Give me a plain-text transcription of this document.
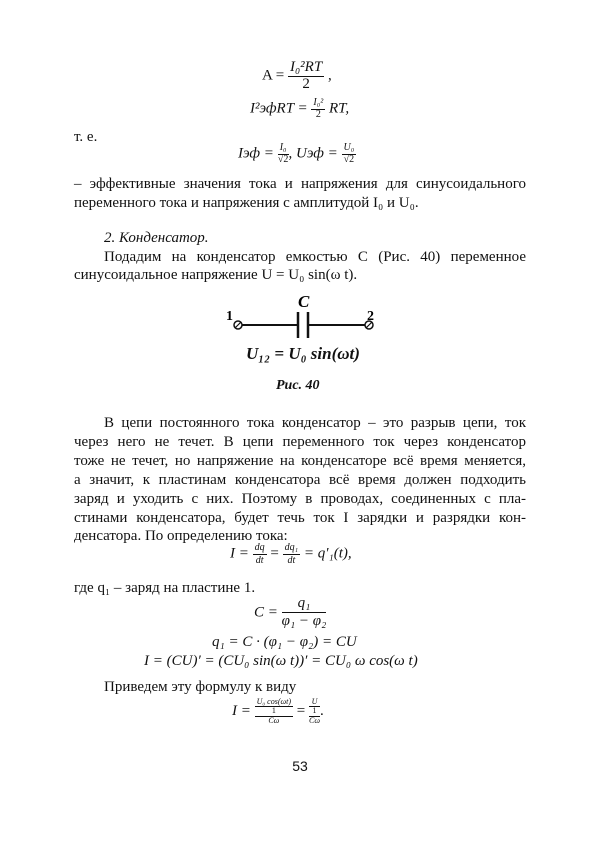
$A = \frac{\text{I₀²RT}}{2}$ ,
I²эфRT = $\frac{\text{I₀²}}{2}$ RT,
т. е.
Iэф = $\frac{\text{I₀}}{√2}$ , Uэф = $\frac{\text{U₀}}{√2}$
– эффективные значения тока и напряжения для синусоидального
переменного тока и напряжения с амплитудой I₀ и U₀.
2. Конденсатор.
Подадим на конденсатор емкостью C (Рис. 40) переменное
синусоидальное напряжение U = U₀ sin(ω t).
C
1	2
U₁₂ = U₀ sin(ωt)
Рис. 40
В цепи постоянного тока конденсатор – это разрыв цепи, ток
через него не течет. В цепи переменного ток через конденсатор
тоже не течет, но напряжение на конденсаторе всё время меняется,
а значит, к пластинам конденсатора всё время должен подходить
заряд и уходить с них. Поэтому в проводах, соединенных с пла-
стинами конденсатора, будет течь ток I зарядки и разрядки кон-
денсатора. По определению тока:
$I = \frac{dq}{dt} = \frac{\text{dq₁}}{dt} = q'_1(t)$,
где q₁ – заряд на пластине 1.
$C = \frac{\text{q₁}}{\text{φ₁ − φ₂}}$
q₁ = C · (φ₁ − φ₂) = CU
I = (CU)′ = (CU₀ sin(ω t))′ = CU₀ ω cos(ω t)
Приведем эту формулу к виду
I = U₀ cos(ωt)
1
Cω = U
1
Cω .
53
